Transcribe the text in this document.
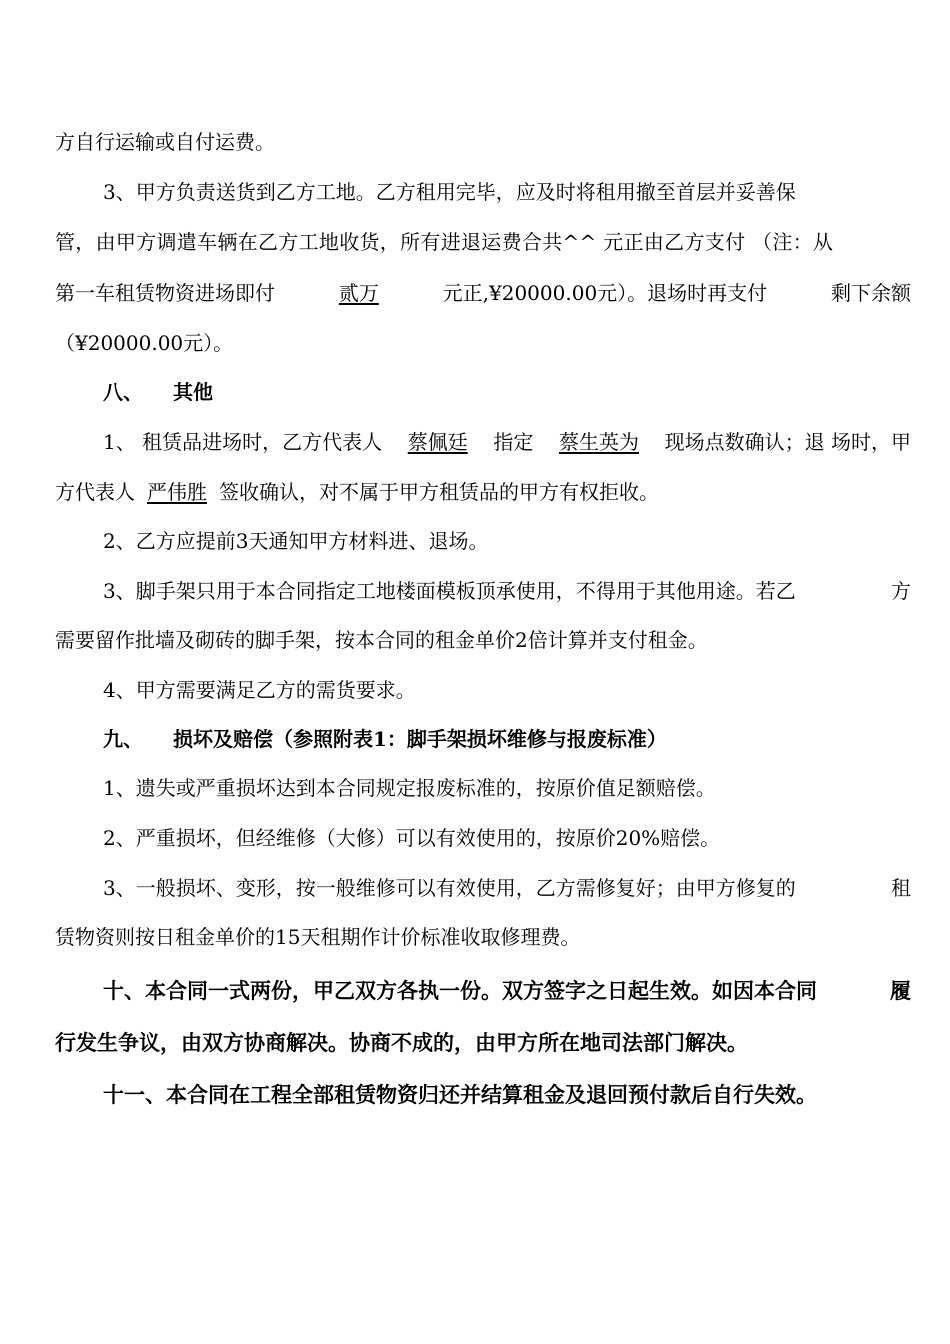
方自行运输或自付运费。
3、甲方负责送货到乙方工地。乙方租用完毕，应及时将租用撤至首层并妥善保
管，由甲方调遣车辆在乙方工地收货，所有进退运费合共^^ 元正由乙方支付 （注：从
第一车租赁物资进场即付	贰万	元正,¥20000.00元）。退场时再支付	剩下余额
（¥20000.00元）。
八、 其他
1、 租赁品进场时，乙方代表人 蔡佩廷 指定 蔡生英为 现场点数确认；退 场时，甲
方代表人 严伟胜 签收确认，对不属于甲方租赁品的甲方有权拒收。
2、乙方应提前3天通知甲方材料进、退场。
3、脚手架只用于本合同指定工地楼面模板顶承使用，不得用于其他用途。若乙	方
需要留作批墙及砌砖的脚手架，按本合同的租金单价2倍计算并支付租金。
4、甲方需要满足乙方的需货要求。
九、 损坏及赔偿（参照附表1：脚手架损坏维修与报废标准）
1、遗失或严重损坏达到本合同规定报废标准的，按原价值足额赔偿。
2、严重损坏，但经维修（大修）可以有效使用的，按原价20%赔偿。
3、一般损坏、变形，按一般维修可以有效使用，乙方需修复好；由甲方修复的	租
赁物资则按日租金单价的15天租期作计价标准收取修理费。
十、本合同一式两份，甲乙双方各执一份。双方签字之日起生效。如因本合同	履
行发生争议，由双方协商解决。协商不成的，由甲方所在地司法部门解决。
十一、本合同在工程全部租赁物资归还并结算租金及退回预付款后自行失效。
